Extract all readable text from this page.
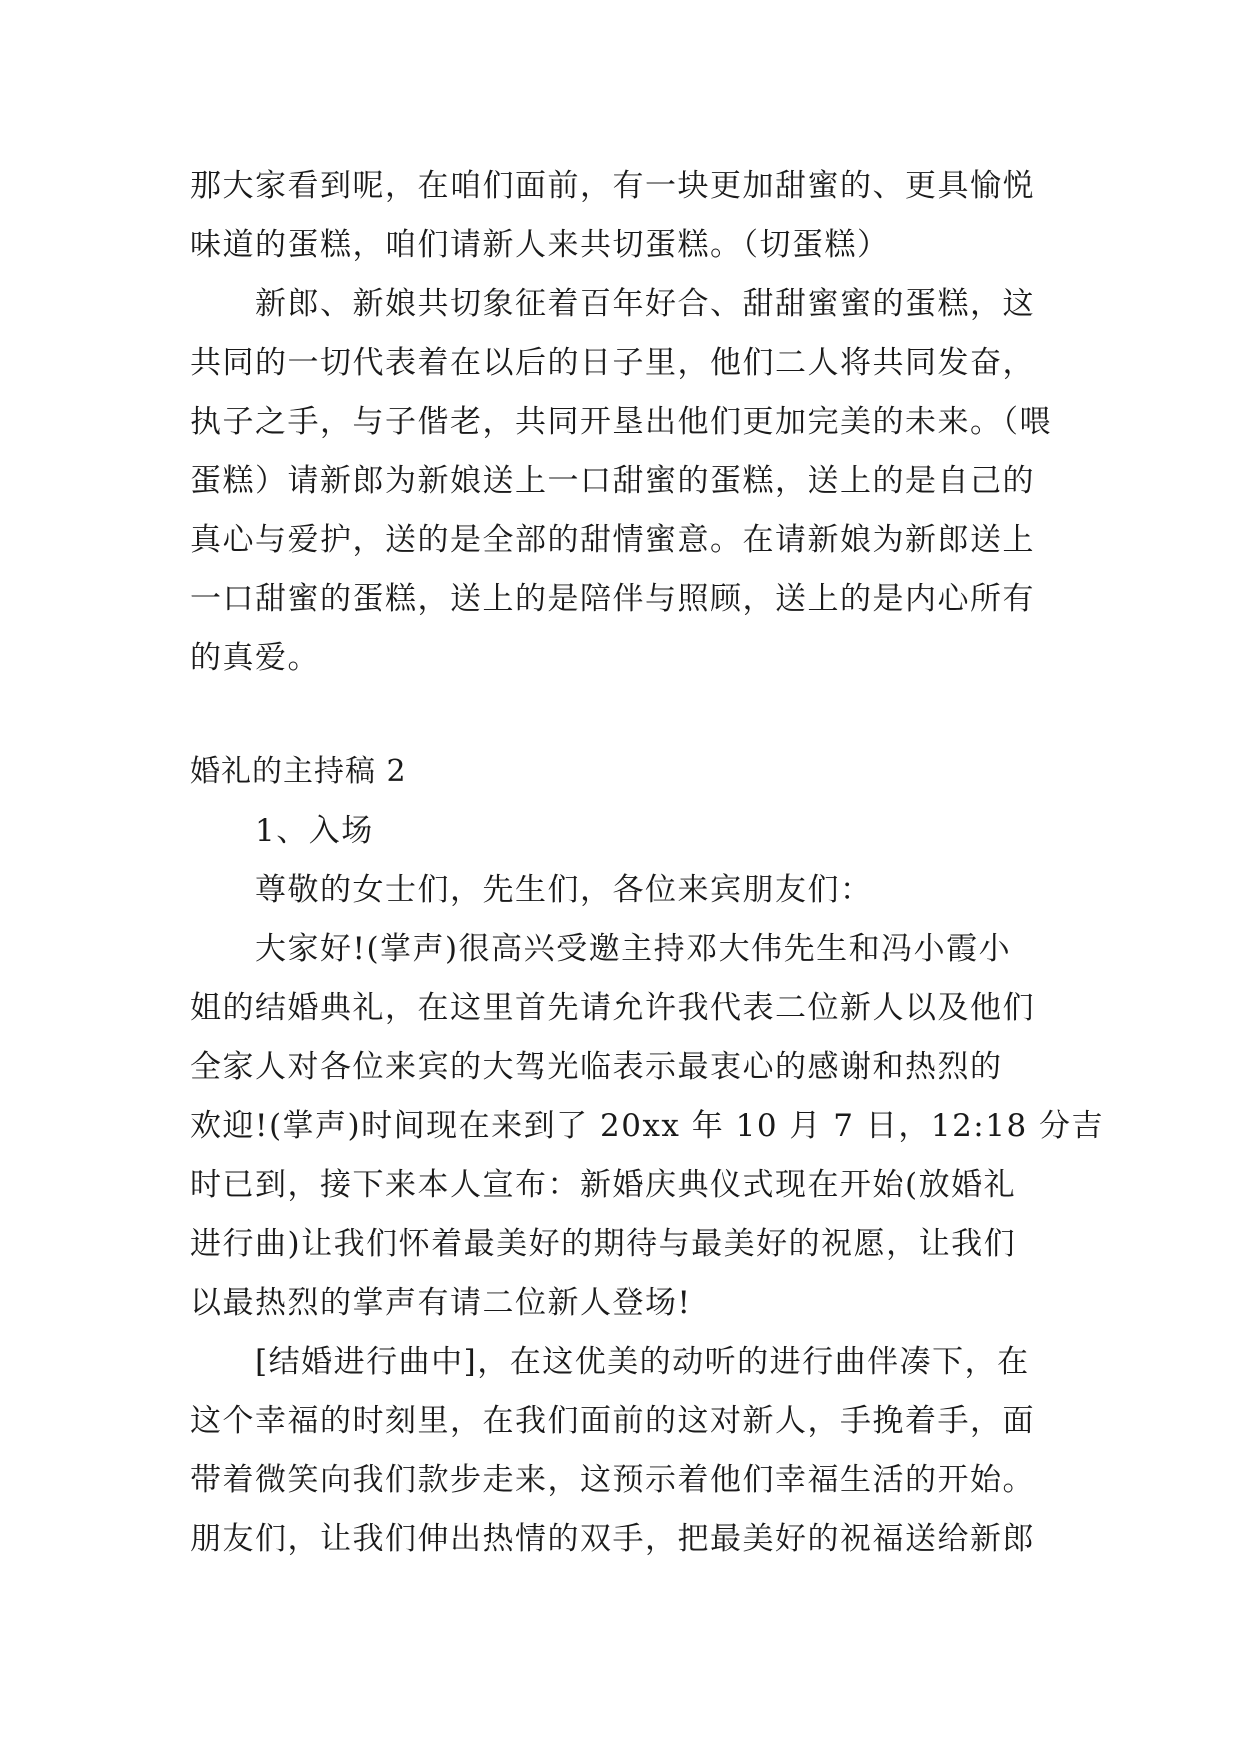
那大家看到呢，在咱们面前，有一块更加甜蜜的、更具愉悦
味道的蛋糕，咱们请新人来共切蛋糕。（切蛋糕）
新郎、新娘共切象征着百年好合、甜甜蜜蜜的蛋糕，这
共同的一切代表着在以后的日子里，他们二人将共同发奋，
执子之手，与子偕老，共同开垦出他们更加完美的未来。（喂
蛋糕）请新郎为新娘送上一口甜蜜的蛋糕，送上的是自己的
真心与爱护，送的是全部的甜情蜜意。在请新娘为新郎送上
一口甜蜜的蛋糕，送上的是陪伴与照顾，送上的是内心所有
的真爱。
婚礼的主持稿 2
1、入场
尊敬的女士们，先生们，各位来宾朋友们：
大家好!(掌声)很高兴受邀主持邓大伟先生和冯小霞小
姐的结婚典礼，在这里首先请允许我代表二位新人以及他们
全家人对各位来宾的大驾光临表示最衷心的感谢和热烈的
欢迎!(掌声)时间现在来到了 20xx 年 10 月 7 日，12:18 分吉
时已到，接下来本人宣布：新婚庆典仪式现在开始(放婚礼
进行曲)让我们怀着最美好的期待与最美好的祝愿，让我们
以最热烈的掌声有请二位新人登场!
[结婚进行曲中]，在这优美的动听的进行曲伴凑下，在
这个幸福的时刻里，在我们面前的这对新人，手挽着手，面
带着微笑向我们款步走来，这预示着他们幸福生活的开始。
朋友们，让我们伸出热情的双手，把最美好的祝福送给新郎
